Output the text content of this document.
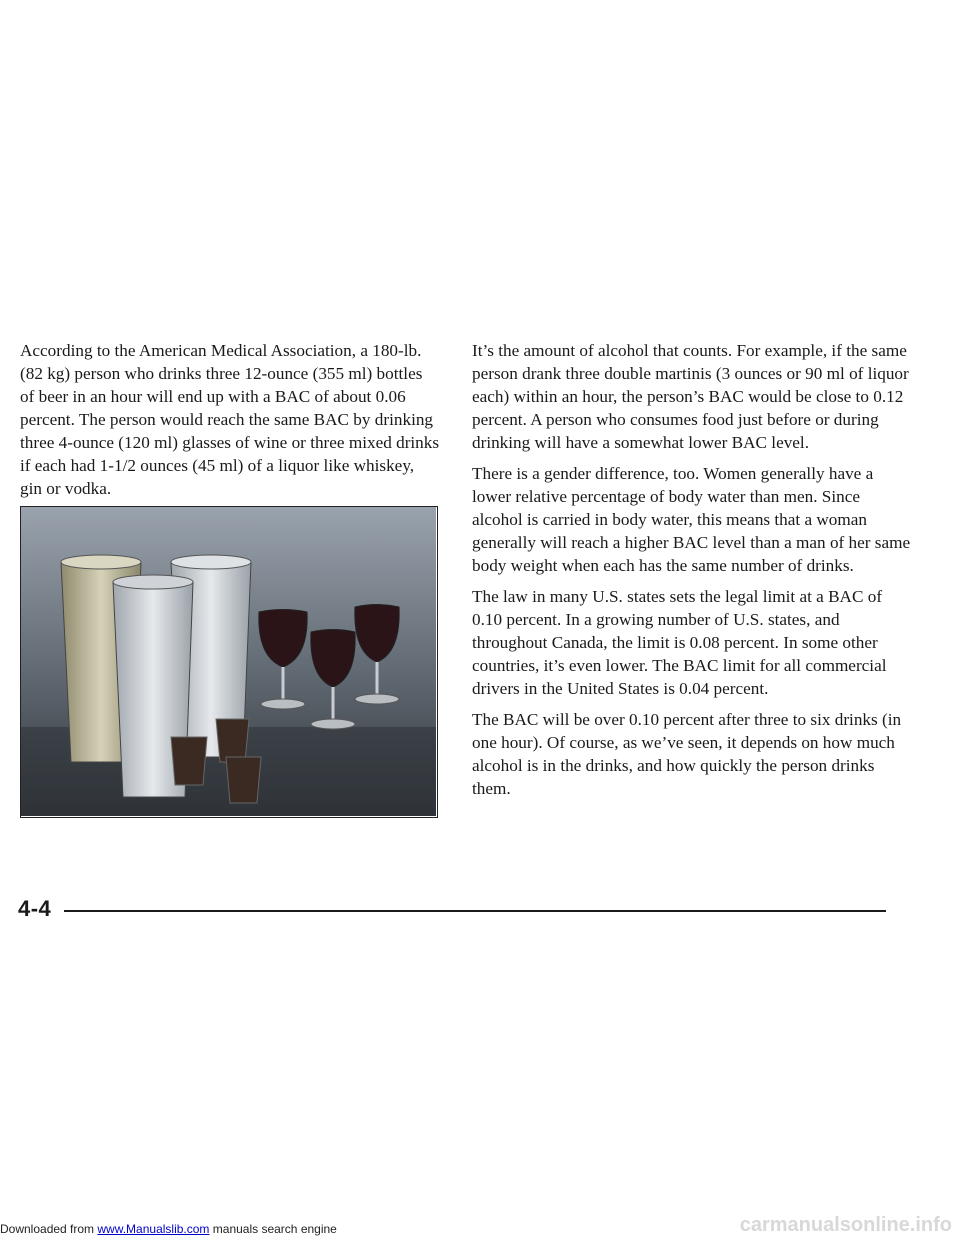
According to the American Medical Association, a 180-lb. (82 kg) person who drinks three 12-ounce (355 ml) bottles of beer in an hour will end up with a BAC of about 0.06 percent. The person would reach the same BAC by drinking three 4-ounce (120 ml) glasses of wine or three mixed drinks if each had 1-1/2 ounces (45 ml) of a liquor like whiskey, gin or vodka.

It’s the amount of alcohol that counts. For example, if the same person drank three double martinis (3 ounces or 90 ml of liquor each) within an hour, the person’s BAC would be close to 0.12 percent. A person who consumes food just before or during drinking will have a somewhat lower BAC level.

There is a gender difference, too. Women generally have a lower relative percentage of body water than men. Since alcohol is carried in body water, this means that a woman generally will reach a higher BAC level than a man of her same body weight when each has the same number of drinks.

The law in many U.S. states sets the legal limit at a BAC of 0.10 percent. In a growing number of U.S. states, and throughout Canada, the limit is 0.08 percent. In some other countries, it’s even lower. The BAC limit for all commercial drivers in the United States is 0.04 percent.

The BAC will be over 0.10 percent after three to six drinks (in one hour). Of course, as we’ve seen, it depends on how much alcohol is in the drinks, and how quickly the person drinks them.

4-4
Downloaded from www.Manualslib.com manuals search engine	carmanualsonline.info
